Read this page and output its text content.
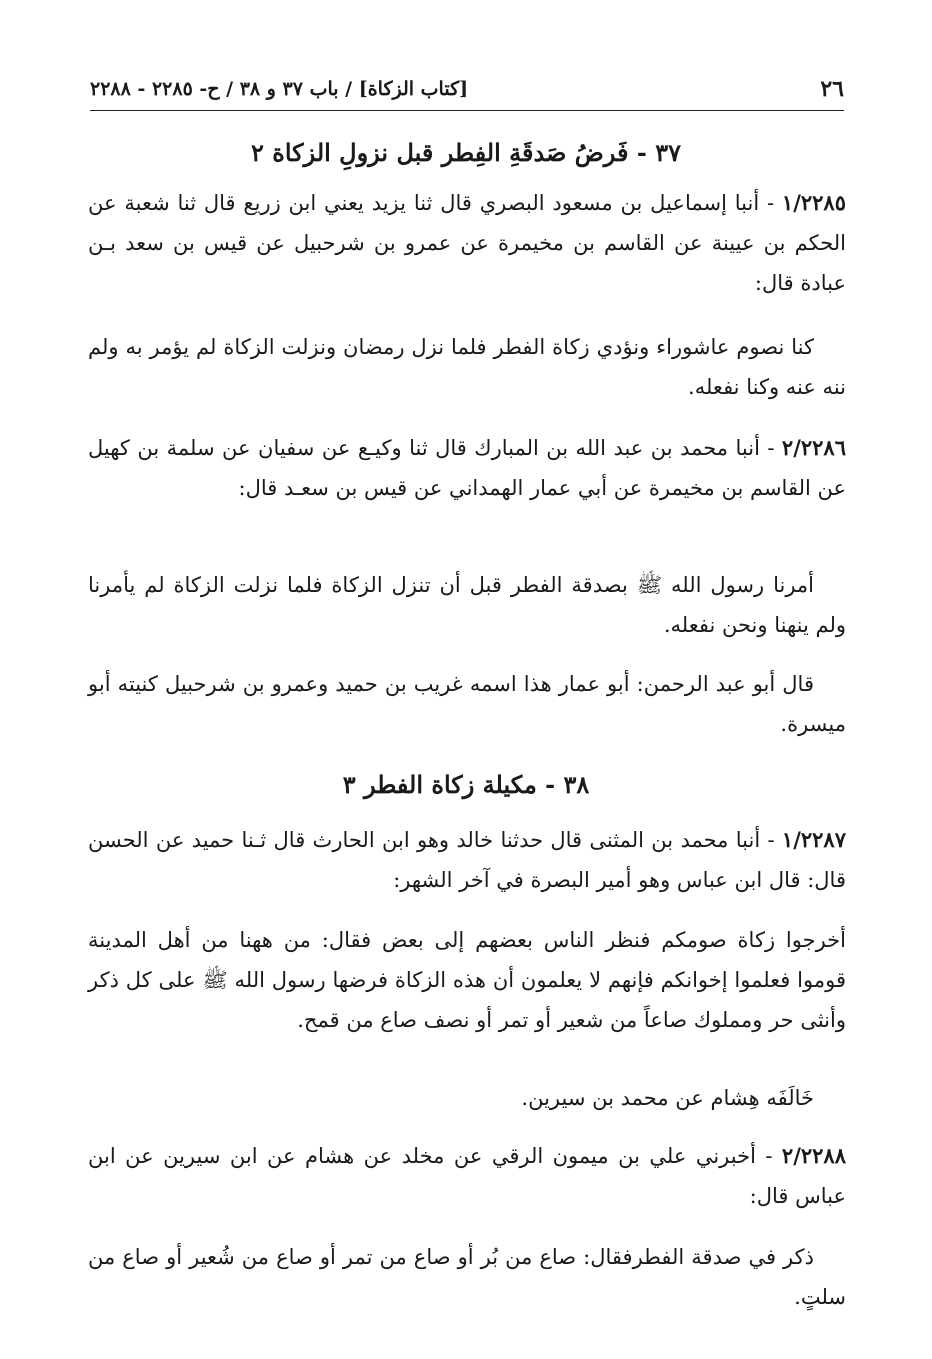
٢٦
[كتاب الزكاة] / باب ٣٧ و ٣٨ / ح- ٢٢٨٥ - ٢٢٨٨
٣٧ - فَرضُ صَدقَةِ الفِطر قبل نزولِ الزكاة ٢
١/٢٢٨٥ - أنبا إسماعيل بن مسعود البصري قال ثنا يزيد يعني ابن زريع قال ثنا شعبة عن الحكم بن عيينة عن القاسم بن مخيمرة عن عمرو بن شرحبيل عن قيس بن سعد بـن عبادة قال:
كنا نصوم عاشوراء ونؤدي زكاة الفطر فلما نزل رمضان ونزلت الزكاة لم يؤمر به ولم ننه عنه وكنا نفعله.
٢/٢٢٨٦ - أنبا محمد بن عبد الله بن المبارك قال ثنا وكيـع عن سفيان عن سلمة بن كهيل عن القاسم بن مخيمرة عن أبي عمار الهمداني عن قيس بن سعـد قال:
أمرنا رسول الله ﷺ بصدقة الفطر قبل أن تنزل الزكاة فلما نزلت الزكاة لم يأمرنا ولم ينهنا ونحن نفعله.
قال أبو عبد الرحمن: أبو عمار هذا اسمه غريب بن حميد وعمرو بن شرحبيل كنيته أبو ميسرة.
٣٨ - مكيلة زكاة الفطر ٣
١/٢٢٨٧ - أنبا محمد بن المثنى قال حدثنا خالد وهو ابن الحارث قال ثـنا حميد عن الحسن قال: قال ابن عباس وهو أمير البصرة في آخر الشهر:
أخرجوا زكاة صومكم فنظر الناس بعضهم إلى بعض فقال: من ههنا من أهل المدينة قوموا فعلموا إخوانكم فإنهم لا يعلمون أن هذه الزكاة فرضها رسول الله ﷺ على كل ذكر وأنثى حر ومملوك صاعاً من شعير أو تمر أو نصف صاع من قمح.
خَالَفَه هِشام عن محمد بن سيرين.
٢/٢٢٨٨ - أخبرني علي بن ميمون الرقي عن مخلد عن هشام عن ابن سيرين عن ابن عباس قال:
ذكر في صدقة الفطرفقال: صاع من بُر أو صاع من تمر أو صاع من شُعير أو صاع من سلتٍ.
